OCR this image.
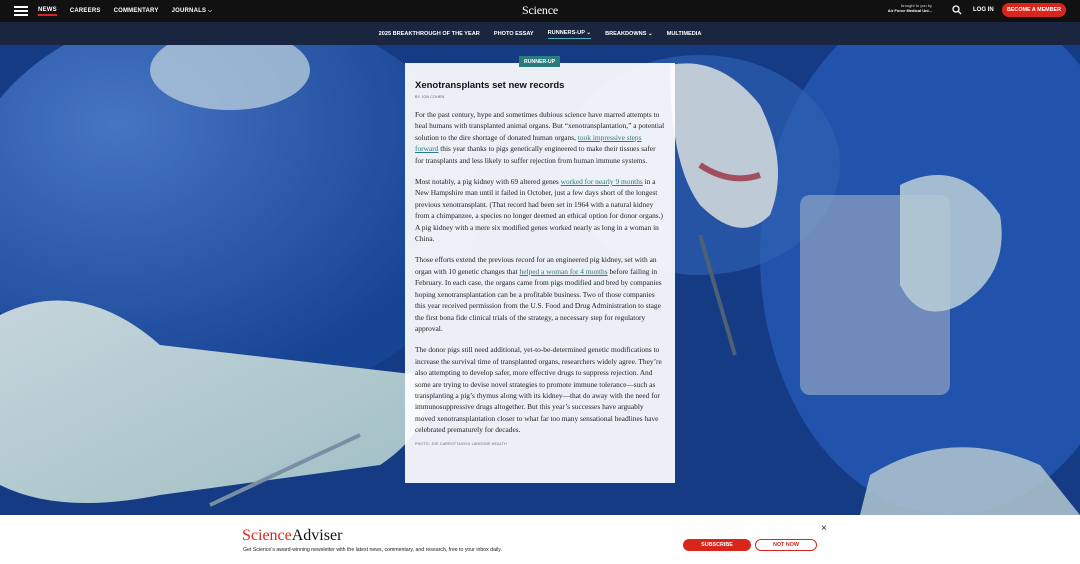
NEWS CAREERS COMMENTARY JOURNALS ⌵	Science	brought to you by
Air Force Medical Uni...	LOG IN	BECOME A MEMBER
2025 BREAKTHROUGH OF THE YEAR	PHOTO ESSAY	RUNNERS-UP ⌄	BREAKDOWNS ⌄	MULTIMEDIA
RUNNER-UP
Xenotransplants set new records
BY JON COHEN

For the past century, hype and sometimes dubious science have marred attempts to heal humans with transplanted animal organs. But “xenotransplantation,” a potential solution to the dire shortage of donated human organs, took impressive steps forward this year thanks to pigs genetically engineered to make their tissues safer for transplants and less likely to suffer rejection from human immune systems.

Most notably, a pig kidney with 69 altered genes worked for nearly 9 months in a New Hampshire man until it failed in October, just a few days short of the longest previous xenotransplant. (That record had been set in 1964 with a natural kidney from a chimpanzee, a species no longer deemed an ethical option for donor organs.) A pig kidney with a mere six modified genes worked nearly as long in a woman in China.

Those efforts extend the previous record for an engineered pig kidney, set with an organ with 10 genetic changes that helped a woman for 4 months before failing in February. In each case, the organs came from pigs modified and bred by companies hoping xenotransplantation can be a profitable business. Two of those companies this year received permission from the U.S. Food and Drug Administration to stage the first bona fide clinical trials of the strategy, a necessary step for regulatory approval.

The donor pigs still need additional, yet-to-be-determined genetic modifications to increase the survival time of transplanted organs, researchers widely agree. They’re also attempting to develop safer, more effective drugs to suppress rejection. And some are trying to devise novel strategies to promote immune tolerance—such as transplanting a pig’s thymus along with its kidney—that do away with the need for immunosuppressive drugs altogether. But this year’s successes have arguably moved xenotransplantation closer to what far too many sensational headlines have celebrated prematurely for decades.

PHOTO: JOE CARROTTA/NYU LANGONE HEALTH
ScienceAdviser
Get Science’s award-winning newsletter with the latest news, commentary, and research, free to your inbox daily.
SUBSCRIBE	NOT NOW
×
